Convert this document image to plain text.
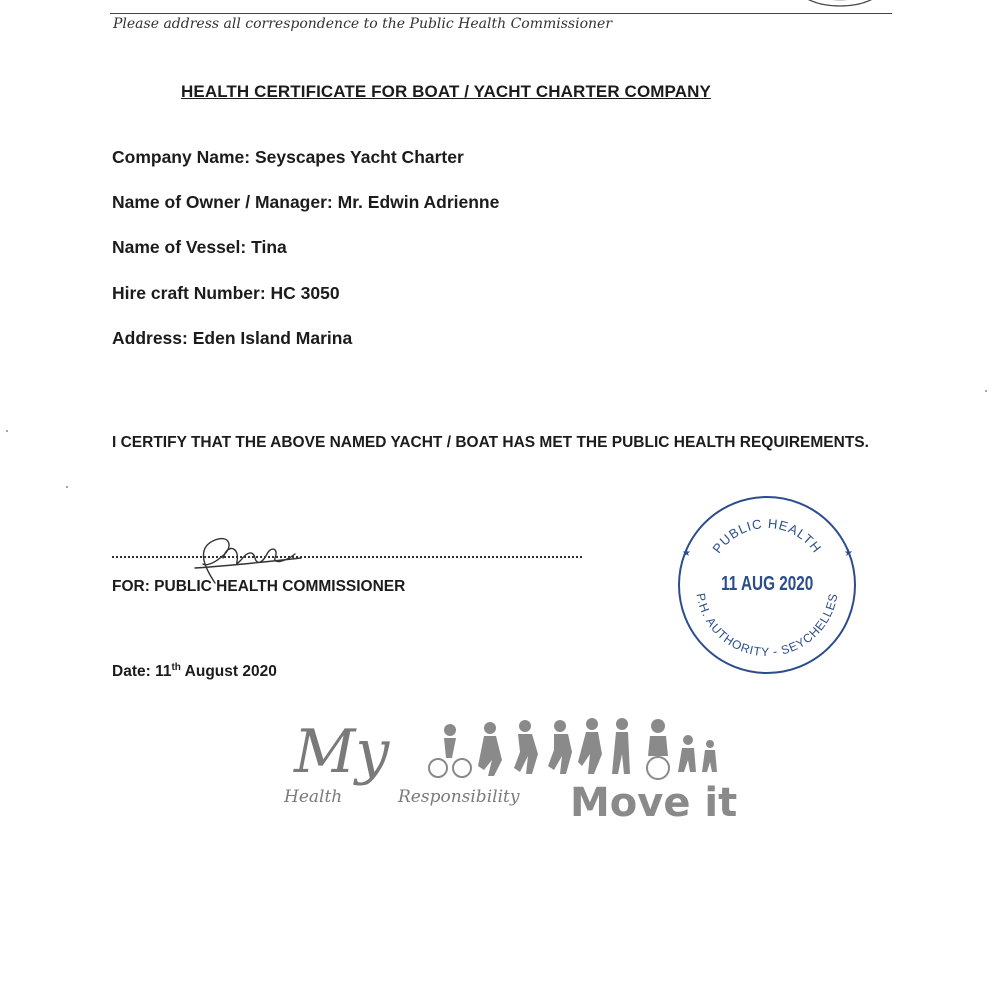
Please address all correspondence to the Public Health Commissioner
HEALTH CERTIFICATE FOR BOAT / YACHT CHARTER COMPANY
Company Name: Seyscapes Yacht Charter
Name of Owner / Manager: Mr. Edwin Adrienne
Name of Vessel: Tina
Hire craft Number: HC 3050
Address: Eden Island Marina
I CERTIFY THAT THE ABOVE NAMED YACHT / BOAT HAS MET THE PUBLIC HEALTH REQUIREMENTS.
FOR: PUBLIC HEALTH COMMISSIONER
Date: 11th August 2020
PUBLIC HEALTH
11 AUG 2020
P.H. AUTHORITY - SEYCHELLES
★	★
My
Health	Responsibility Move it
